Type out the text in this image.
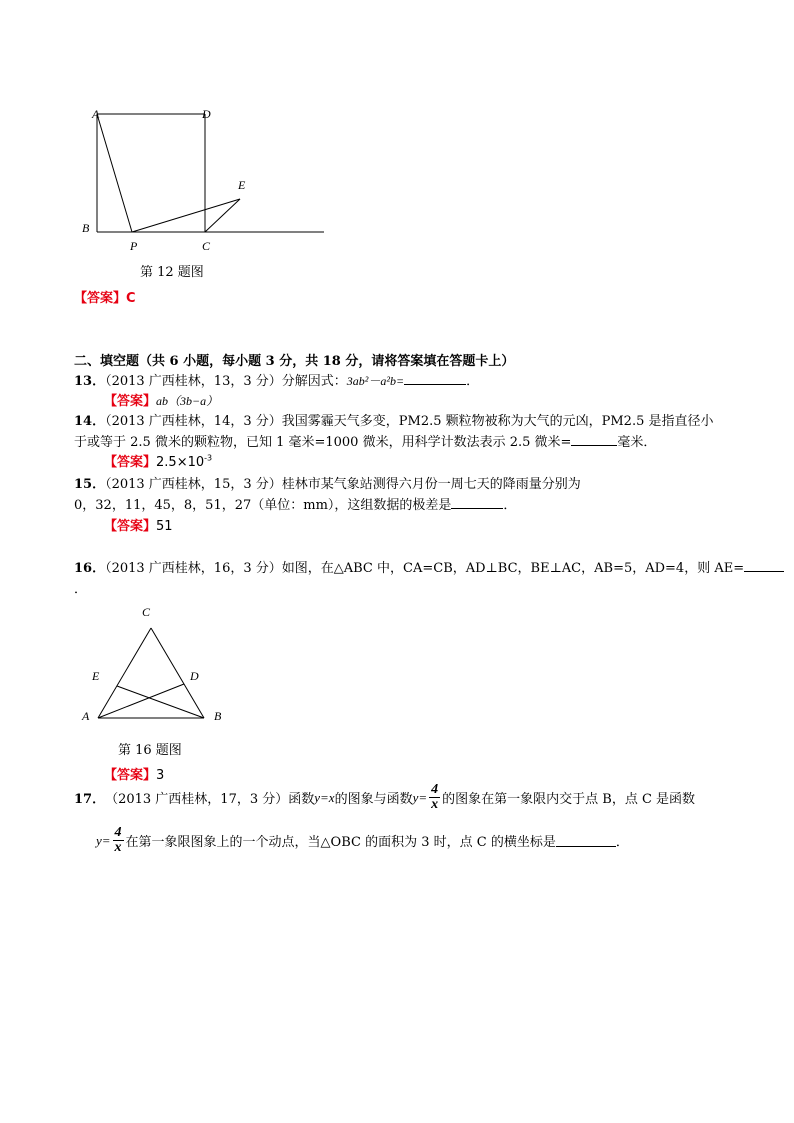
A	D
E
B
P	C
第 12 题图
【答案】C
二、填空题（共 6 小题，每小题 3 分，共 18 分，请将答案填在答题卡上）
13．（2013 广西桂林，13，3 分）分解因式：3ab²－a²b=	．
【答案】ab（3b−a）
14．（2013 广西桂林，14，3 分）我国雾霾天气多变，PM2.5 颗粒物被称为大气的元凶，PM2.5 是指直径小
于或等于 2.5 微米的颗粒物，已知 1 毫米=1000 微米，用科学计数法表示 2.5 微米=	毫米．
【答案】$2.5\times 10^{-3}$
15．（2013 广西桂林，15，3 分）桂林市某气象站测得六月份一周七天的降雨量分别为
0，32，11，45，8，51，27（单位：mm），这组数据的极差是	．
【答案】51
16．（2013 广西桂林，16，3 分）如图，在△ABC 中，CA=CB，AD⊥BC，BE⊥AC，AB=5，AD=4，则 AE=
．
C
E	D
A	B
第 16 题图
【答案】3
17． （2013 广西桂林，17，3 分）函数 y=x 的图象与函数 $y= \frac{4}{x}$ 的图象在第一象限内交于点 B，点 C 是函数
$y= \frac{4}{x}$ 在第一象限图象上的一个动点，当△OBC 的面积为 3 时，点 C 的横坐标是	．
